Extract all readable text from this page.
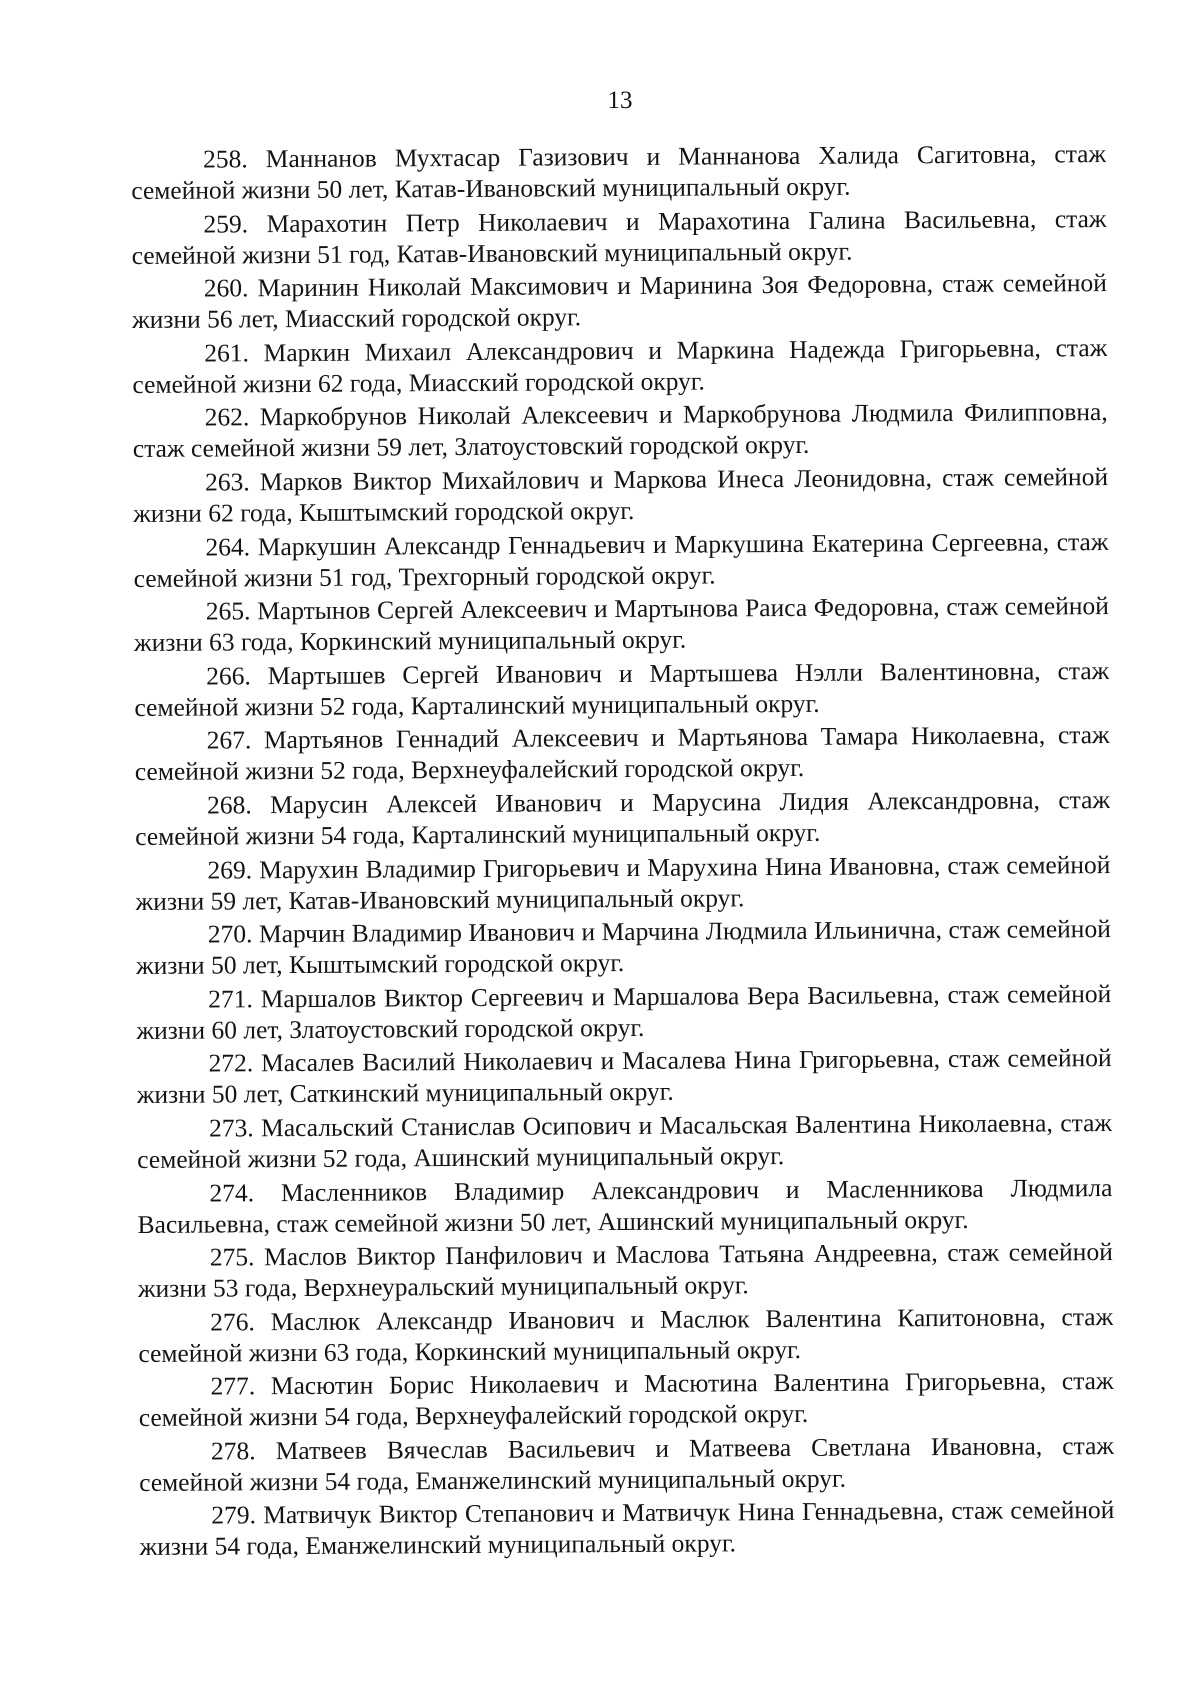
13

258. Маннанов Мухтасар Газизович и Маннанова Халида Сагитовна, стаж семейной жизни 50 лет, Катав-Ивановский муниципальный округ.

259. Марахотин Петр Николаевич и Марахотина Галина Васильевна, стаж семейной жизни 51 год, Катав-Ивановский муниципальный округ.

260. Маринин Николай Максимович и Маринина Зоя Федоровна, стаж семейной жизни 56 лет, Миасский городской округ.

261. Маркин Михаил Александрович и Маркина Надежда Григорьевна, стаж семейной жизни 62 года, Миасский городской округ.

262. Маркобрунов Николай Алексеевич и Маркобрунова Людмила Филипповна, стаж семейной жизни 59 лет, Златоустовский городской округ.

263. Марков Виктор Михайлович и Маркова Инеса Леонидовна, стаж семейной жизни 62 года, Кыштымский городской округ.

264. Маркушин Александр Геннадьевич и Маркушина Екатерина Сергеевна, стаж семейной жизни 51 год, Трехгорный городской округ.

265. Мартынов Сергей Алексеевич и Мартынова Раиса Федоровна, стаж семейной жизни 63 года, Коркинский муниципальный округ.

266. Мартышев Сергей Иванович и Мартышева Нэлли Валентиновна, стаж семейной жизни 52 года, Карталинский муниципальный округ.

267. Мартьянов Геннадий Алексеевич и Мартьянова Тамара Николаевна, стаж семейной жизни 52 года, Верхнеуфалейский городской округ.

268. Марусин Алексей Иванович и Марусина Лидия Александровна, стаж семейной жизни 54 года, Карталинский муниципальный округ.

269. Марухин Владимир Григорьевич и Марухина Нина Ивановна, стаж семейной жизни 59 лет, Катав-Ивановский муниципальный округ.

270. Марчин Владимир Иванович и Марчина Людмила Ильинична, стаж семейной жизни 50 лет, Кыштымский городской округ.

271. Маршалов Виктор Сергеевич и Маршалова Вера Васильевна, стаж семейной жизни 60 лет, Златоустовский городской округ.

272. Масалев Василий Николаевич и Масалева Нина Григорьевна, стаж семейной жизни 50 лет, Саткинский муниципальный округ.

273. Масальский Станислав Осипович и Масальская Валентина Николаевна, стаж семейной жизни 52 года, Ашинский муниципальный округ.

274. Масленников Владимир Александрович и Масленникова Людмила Васильевна, стаж семейной жизни 50 лет, Ашинский муниципальный округ.

275. Маслов Виктор Панфилович и Маслова Татьяна Андреевна, стаж семейной жизни 53 года, Верхнеуральский муниципальный округ.

276. Маслюк Александр Иванович и Маслюк Валентина Капитоновна, стаж семейной жизни 63 года, Коркинский муниципальный округ.

277. Масютин Борис Николаевич и Масютина Валентина Григорьевна, стаж семейной жизни 54 года, Верхнеуфалейский городской округ.

278. Матвеев Вячеслав Васильевич и Матвеева Светлана Ивановна, стаж семейной жизни 54 года, Еманжелинский муниципальный округ.

279. Матвичук Виктор Степанович и Матвичук Нина Геннадьевна, стаж семейной жизни 54 года, Еманжелинский муниципальный округ.
